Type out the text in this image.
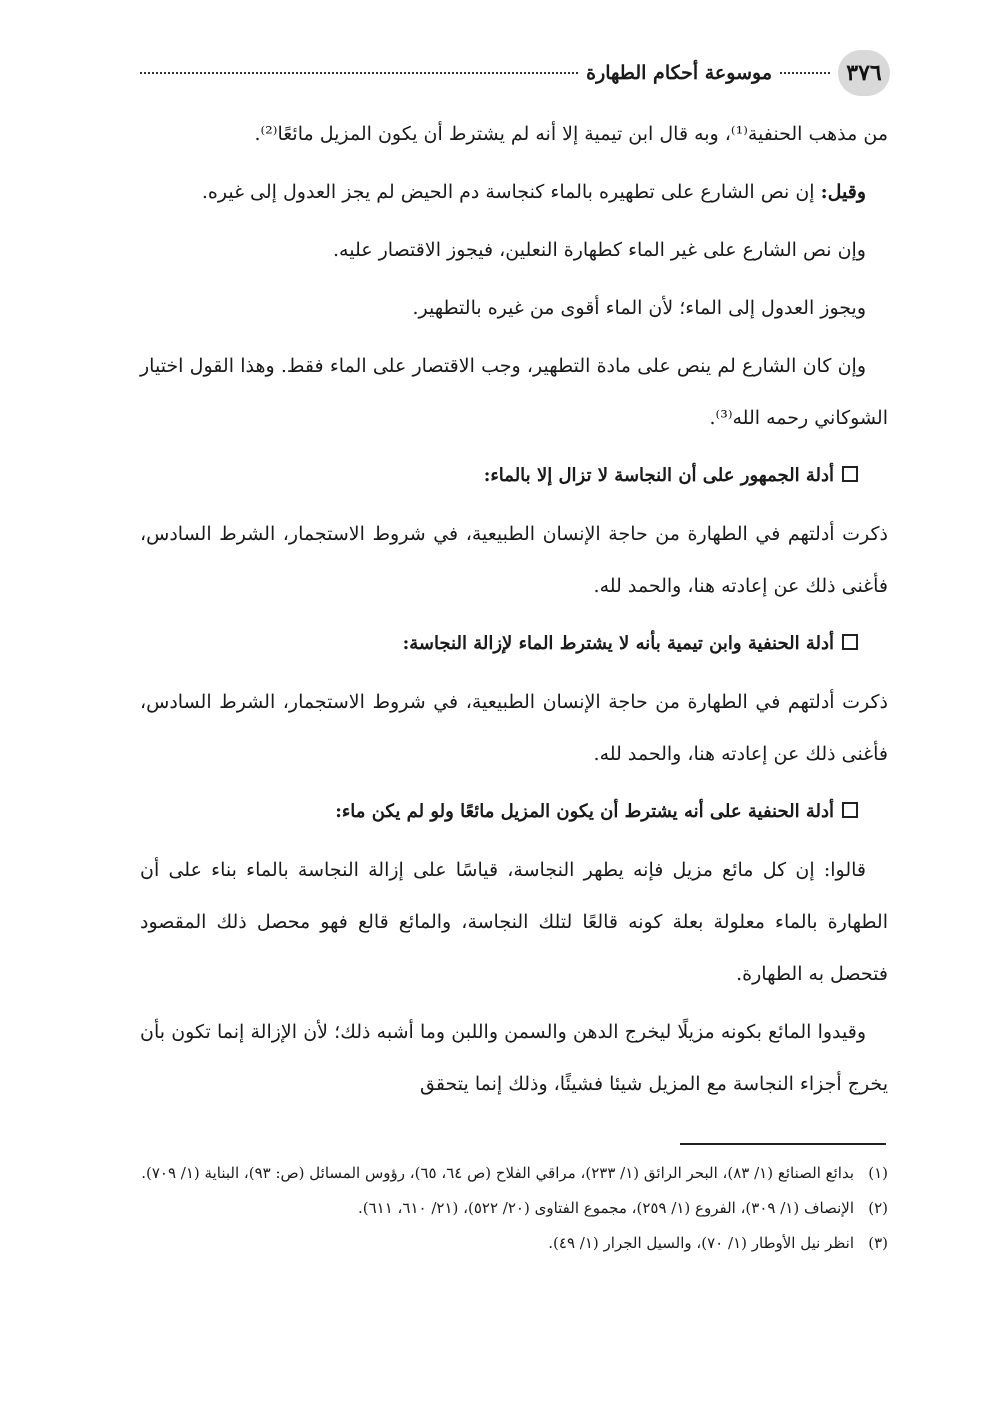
٣٧٦
موسوعة أحكام الطهارة

من مذهب الحنفية⁽¹⁾، وبه قال ابن تيمية إلا أنه لم يشترط أن يكون المزيل مائعًا⁽²⁾.

وقيل: إن نص الشارع على تطهيره بالماء كنجاسة دم الحيض لم يجز العدول إلى غيره.

وإن نص الشارع على غير الماء كطهارة النعلين، فيجوز الاقتصار عليه.

ويجوز العدول إلى الماء؛ لأن الماء أقوى من غيره بالتطهير.

وإن كان الشارع لم ينص على مادة التطهير، وجب الاقتصار على الماء فقط. وهذا القول اختيار الشوكاني رحمه الله⁽³⁾.

أدلة الجمهور على أن النجاسة لا تزال إلا بالماء:

ذكرت أدلتهم في الطهارة من حاجة الإنسان الطبيعية، في شروط الاستجمار، الشرط السادس، فأغنى ذلك عن إعادته هنا، والحمد لله.

أدلة الحنفية وابن تيمية بأنه لا يشترط الماء لإزالة النجاسة:

ذكرت أدلتهم في الطهارة من حاجة الإنسان الطبيعية، في شروط الاستجمار، الشرط السادس، فأغنى ذلك عن إعادته هنا، والحمد لله.

أدلة الحنفية على أنه يشترط أن يكون المزيل مائعًا ولو لم يكن ماء:

قالوا: إن كل مائع مزيل فإنه يطهر النجاسة، قياسًا على إزالة النجاسة بالماء بناء على أن الطهارة بالماء معلولة بعلة كونه قالعًا لتلك النجاسة، والمائع قالع فهو محصل ذلك المقصود فتحصل به الطهارة.

وقيدوا المائع بكونه مزيلًا ليخرج الدهن والسمن واللبن وما أشبه ذلك؛ لأن الإزالة إنما تكون بأن يخرج أجزاء النجاسة مع المزيل شيئا فشيئًا، وذلك إنما يتحقق

(١)
بدائع الصنائع (١/ ٨٣)، البحر الرائق (١/ ٢٣٣)، مراقي الفلاح (ص ٦٤، ٦٥)، رؤوس المسائل (ص: ٩٣)، البناية (١/ ٧٠٩).
(٢)
الإنصاف (١/ ٣٠٩)، الفروع (١/ ٢٥٩)، مجموع الفتاوى (٢٠/ ٥٢٢)، (٢١/ ٦١٠، ٦١١).
(٣)
انظر نيل الأوطار (١/ ٧٠)، والسيل الجرار (١/ ٤٩).
